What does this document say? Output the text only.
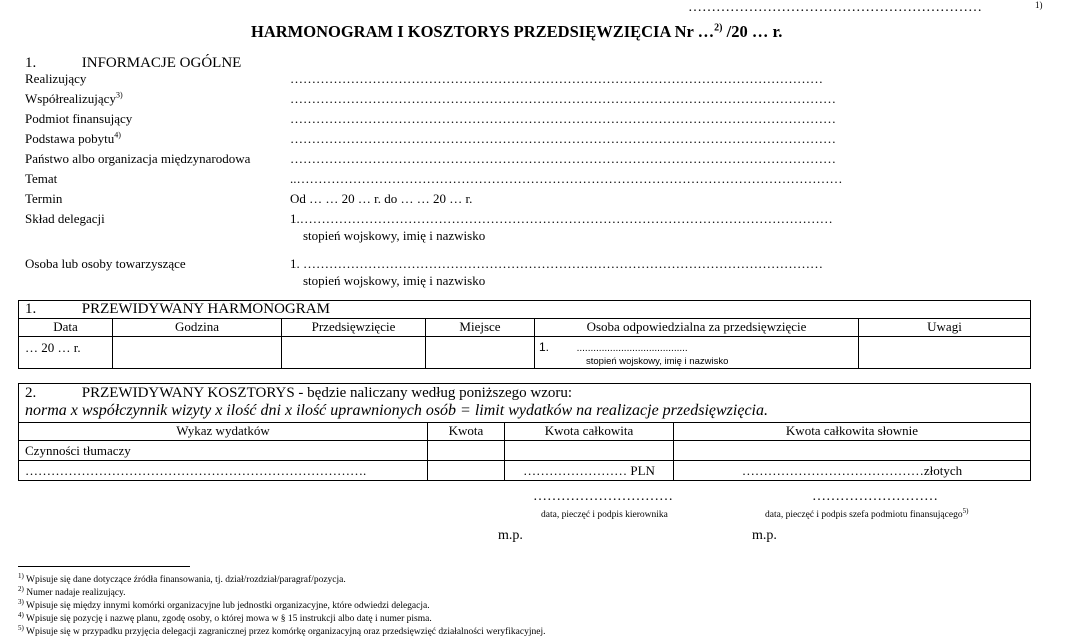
………………………………………………………	1)
HARMONOGRAM I KOSZTORYS PRZEDSIĘWZIĘCIA Nr …$^{2)}$ /20 … r.
1.	INFORMACJE OGÓLNE
Realizujący	……………………………………………………………………………………………………………
Współrealizujący$^{3)}$	………………………………………………………………………………………………………………
Podmiot finansujący	………………………………………………………………………………………………………………
Podstawa pobytu$^{4)}$	………………………………………………………………………………………………………………
Państwo albo organizacja międzynarodowa	………………………………………………………………………………………………………………
Temat	..………………………………………………………………………………………………………………
Termin	Od … … 20 … r. do … … 20 … r.
Skład delegacji	1.……………………………………………………………………………………………………………
Osoba lub osoby towarzyszące	1. …………………………………………………………………………………………………………
stopień wojskowy, imię i nazwisko
stopień wojskowy, imię i nazwisko
1. PRZEWIDYWANY HARMONOGRAM					
Data	Godzina	Przedsięwzięcie	Miejsce	Osoba odpowiedzialna za przedsięwzięcie	Uwagi
… 20 … r.				1. ........................................
stopień wojskowy, imię i nazwisko	

2. PRZEWIDYWANY KOSZTORYS - będzie naliczany według poniższego wzoru:
norma x współczynnik wizyty x ilość dni x ilość uprawnionych osób = limit wydatków na realizacje przedsięwzięcia.			

Wykaz wydatków	Kwota	Kwota całkowita	Kwota całkowita słownie
Czynności tłumaczy			
…………………………………………………………………….		…………………… PLN	……………………………………złotych
…………………………
data, pieczęć i podpis kierownika
………………………
data, pieczęć i podpis szefa podmiotu finansującego$^{5)}$
m.p.	m.p.
$^{1)}$ Wpisuje się dane dotyczące źródła finansowania, tj. dział/rozdział/paragraf/pozycja.
$^{2)}$ Numer nadaje realizujący.
$^{3)}$ Wpisuje się między innymi komórki organizacyjne lub jednostki organizacyjne, które odwiedzi delegacja.
$^{4)}$ Wpisuje się pozycję i nazwę planu, zgodę osoby, o której mowa w § 15 instrukcji albo datę i numer pisma.
$^{5)}$ Wpisuje się w przypadku przyjęcia delegacji zagranicznej przez komórkę organizacyjną oraz przedsięwzięć działalności weryfikacyjnej.
